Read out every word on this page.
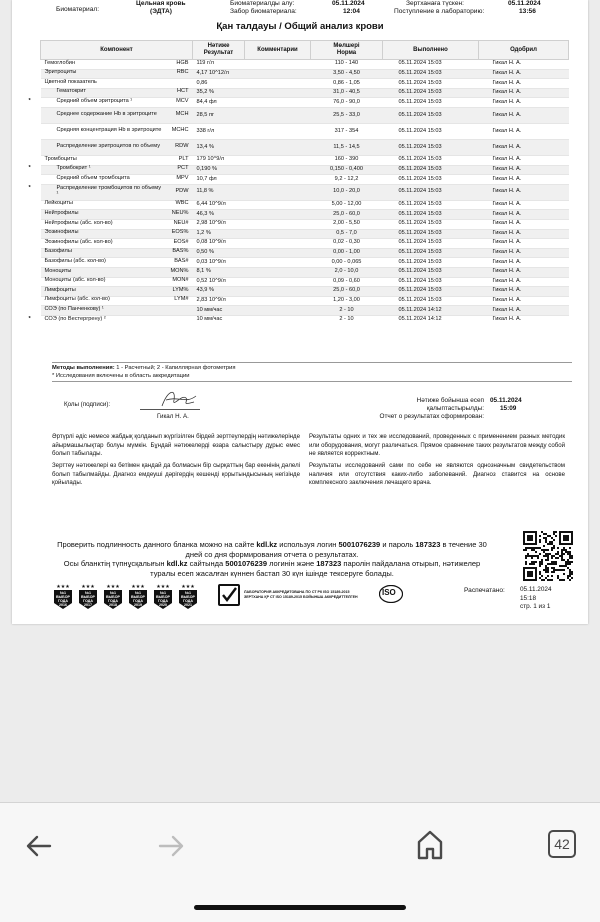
Биоматериал:
Цельная кровь
(ЭДТА)
Биоматериалды алу:
Забор биоматериала:
05.11.2024
12:04
Зертханаға түскен:
Поступление в лабораторию:
05.11.2024
13:56
Қан талдауы / Общий анализ крови
Компонент	Нәтиже
Результат	Комментарии	Мөлшері
Норма	Выполнено	Одобрил
Гемоглобин HGB	119 г/л		110 - 140	05.11.2024 15:03	Гикал Н. А.
Эритроциты RBC	4,17 10^12/л		3,50 - 4,50	05.11.2024 15:03	Гикал Н. А.
Цветной показатель	0,86		0,86 - 1,05	05.11.2024 15:03	Гикал Н. А.
Гематокрит HCT	35,2 %		31,0 - 40,5	05.11.2024 15:03	Гикал Н. А.

* Средний объем эритроцита ¹ MCV	84,4 фл		76,0 - 90,0	05.11.2024 15:03	Гикал Н. А.
Среднее содержание Hb в эритроците MCH	28,5 пг		25,5 - 33,0	05.11.2024 15:03	Гикал Н. А.
Средняя концентрация Hb в эритроците MCHC	338 г/л		317 - 354	05.11.2024 15:03	Гикал Н. А.
Распределение эритроцитов по объему RDW	13,4 %		11,5 - 14,5	05.11.2024 15:03	Гикал Н. А.
Тромбоциты PLT	179 10^9/л		160 - 390	05.11.2024 15:03	Гикал Н. А.

* Тромбокрит ¹ PCT	0,190 %		0,150 - 0,400	05.11.2024 15:03	Гикал Н. А.
Средний объем тромбоцита MPV	10,7 фл		9,2 - 12,2	05.11.2024 15:03	Гикал Н. А.

* Распределение тромбоцитов по объему ¹ PDW	11,8 %		10,0 - 20,0	05.11.2024 15:03	Гикал Н. А.
Лейкоциты WBC	6,44 10^9/л		5,00 - 12,00	05.11.2024 15:03	Гикал Н. А.
Нейтрофилы NEU%	46,3 %		25,0 - 60,0	05.11.2024 15:03	Гикал Н. А.
Нейтрофилы (абс. кол-во) NEU#	2,98 10^9/л		2,00 - 5,50	05.11.2024 15:03	Гикал Н. А.
Эозинофилы EOS%	1,2 %		0,5 - 7,0	05.11.2024 15:03	Гикал Н. А.
Эозинофилы (абс. кол-во) EOS#	0,08 10^9/л		0,02 - 0,30	05.11.2024 15:03	Гикал Н. А.
Базофилы BAS%	0,50 %		0,00 - 1,00	05.11.2024 15:03	Гикал Н. А.
Базофилы (абс. кол-во) BAS#	0,03 10^9/л		0,00 - 0,065	05.11.2024 15:03	Гикал Н. А.
Моноциты MON%	8,1 %		2,0 - 10,0	05.11.2024 15:03	Гикал Н. А.
Моноциты (абс. кол-во) MON#	0,52 10^9/л		0,09 - 0,60	05.11.2024 15:03	Гикал Н. А.
Лимфоциты LYM%	43,9 %		25,0 - 60,0	05.11.2024 15:03	Гикал Н. А.
Лимфоциты (абс. кол-во) LYM#	2,83 10^9/л		1,20 - 3,00	05.11.2024 15:03	Гикал Н. А.
СОЭ (по Панченкову) ¹	10 мм/час		2 - 10	05.11.2024 14:12	Гикал Н. А.

* СОЭ (по Вестергрену) ²	10 мм/час		2 - 10	05.11.2024 14:12	Гикал Н. А.
Методы выполнения: 1 - Расчетный; 2 - Капиллярная фотометрия
* Исследования включены в область аккредитации
Қолы (подписи):
Гикал Н. А.
Нәтиже бойынша есеп қалыптастырылды:
Отчет о результатах сформирован:
05.11.2024
15:09
Әртүрлі әдіс немесе жабдық қолданып жүргізілген бірдей зерттеулердің нәтижелерінде айырмашылықтар болуы мүмкін. Бұндай нәтижелерді өзара салыстыру дұрыс емес болып табылады.
Результаты одних и тех же исследований, проведенных с применением разных методик или оборудования, могут различаться. Прямое сравнение таких результатов между собой не является корректным.
Зерттеу нәтижелері өз бетімен қандай да болмасын бір сырқаттың бар екенінің дәлелі болып табылмайды. Диагноз емдеуші дәрігердің кешенді қорытындысының негізінде қойылады.
Результаты исследований сами по себе не являются однозначным свидетельством наличия или отсутствия каких-либо заболеваний. Диагноз ставится на основе комплексного заключения лечащего врача.
Проверить подлинность данного бланка можно на сайте kdl.kz используя логин 5001076239 и пароль 187323 в течение 30 дней со дня формирования отчета о результатах.
Осы бланктің түпнұсқалығын kdl.kz сайтында 5001076239 логинін және 187323 паролін пайдалана отырып, нәтижелер туралы есеп жасалған күннен бастап 30 күн ішінде тексеруге болады.
★★★
№1
ВЫБОР
ГОДА
2016
★★★
№1
ВЫБОР
ГОДА
2017
★★★
№1
ВЫБОР
ГОДА
2018
★★★
№1
ВЫБОР
ГОДА
2019
★★★
№1
ВЫБОР
ГОДА
2020
★★★
№1
ВЫБОР
ГОДА
2021
ЛАБОРАТОРИЯ АККРЕДИТОВАНА ПО СТ РК ISO 15189-2015
ЗЕРТХАНА ҚР СТ ISO 15189-2015 БОЙЫНША АККРЕДИТТЕЛГЕН	ISO	Распечатано: 05.11.2024
15:18
стр. 1 из 1
42
